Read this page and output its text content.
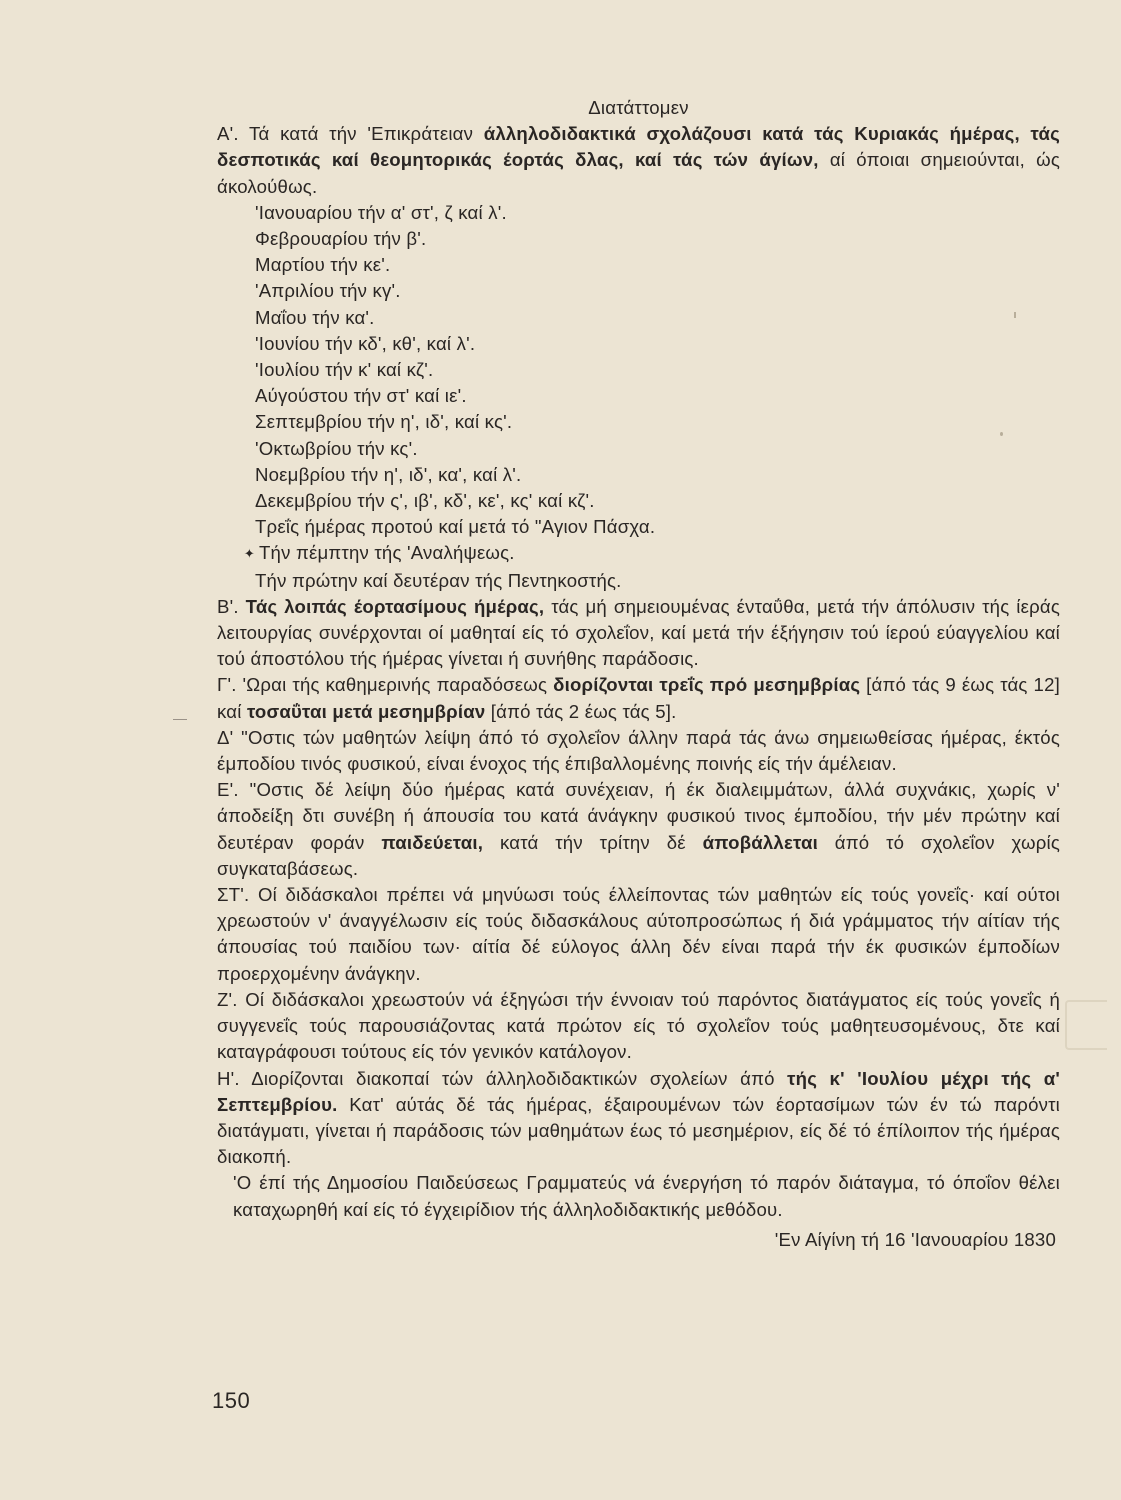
Διατάττομεν

Α'. Τά κατά τήν 'Επικράτειαν άλληλοδιδακτικά σχολάζουσι κατά τάς Κυριακάς ήμέρας, τάς δεσποτικάς καί θεομητορικάς έορτάς δλας, καί τάς τών άγίων, αί όποιαι σημειούνται, ώς άκολούθως.

'Ιανουαρίου τήν α' στ', ζ καί λ'.

Φεβρουαρίου τήν β'.

Μαρτίου τήν κε'.

'Απριλίου τήν κγ'.

Μαΐου τήν κα'.

'Ιουνίου τήν κδ', κθ', καί λ'.

'Ιουλίου τήν κ' καί κζ'.

Αύγούστου τήν στ' καί ιε'.

Σεπτεμβρίου τήν η', ιδ', καί κς'.

'Οκτωβρίου τήν κς'.

Νοεμβρίου τήν η', ιδ', κα', καί λ'.

Δεκεμβρίου τήν ς', ιβ', κδ', κε', κς' καί κζ'.

Τρεΐς ήμέρας προτού καί μετά τό "Αγιον Πάσχα.

✦ Τήν πέμπτην τής 'Αναλήψεως.

Τήν πρώτην καί δευτέραν τής Πεντηκοστής.

Β'. Τάς λοιπάς έορτασίμους ήμέρας, τάς μή σημειουμένας ένταΰθα, μετά τήν άπόλυσιν τής ίεράς λειτουργίας συνέρχονται οί μαθηταί είς τό σχολεΐον, καί μετά τήν έξήγησιν τού ίερού εύαγγελίου καί τού άποστόλου τής ήμέρας γίνεται ή συνήθης παράδοσις.

Γ'. 'Ωραι τής καθημερινής παραδόσεως διορίζονται τρεΐς πρό μεσημβρίας [άπό τάς 9 έως τάς 12] καί τοσαΰται μετά μεσημβρίαν [άπό τάς 2 έως τάς 5].

Δ' "Οστις τών μαθητών λείψη άπό τό σχολεΐον άλλην παρά τάς άνω σημειωθείσας ήμέρας, έκτός έμποδίου τινός φυσικού, είναι ένοχος τής έπιβαλλομένης ποινής είς τήν άμέλειαν.

Ε'. "Οστις δέ λείψη δύο ήμέρας κατά συνέχειαν, ή έκ διαλειμμάτων, άλλά συχνάκις, χωρίς ν' άποδείξη δτι συνέβη ή άπουσία του κατά άνάγκην φυσικού τινος έμποδίου, τήν μέν πρώτην καί δευτέραν φοράν παιδεύεται, κατά τήν τρίτην δέ άποβάλλεται άπό τό σχολεΐον χωρίς συγκαταβάσεως.

ΣΤ'. Οί διδάσκαλοι πρέπει νά μηνύωσι τούς έλλείποντας τών μαθητών είς τούς γονεΐς· καί ούτοι χρεωστούν ν' άναγγέλωσιν είς τούς διδασκάλους αύτοπροσώπως ή διά γράμματος τήν αίτίαν τής άπουσίας τού παιδίου των· αίτία δέ εύλογος άλλη δέν είναι παρά τήν έκ φυσικών έμποδίων προερχομένην άνάγκην.

Ζ'. Οί διδάσκαλοι χρεωστούν νά έξηγώσι τήν έννοιαν τού παρόντος διατάγματος είς τούς γονεΐς ή συγγενεΐς τούς παρουσιάζοντας κατά πρώτον είς τό σχολεΐον τούς μαθητευσομένους, δτε καί καταγράφουσι τούτους είς τόν γενικόν κατάλογον.

Η'. Διορίζονται διακοπαί τών άλληλοδιδακτικών σχολείων άπό τής κ' 'Ιουλίου μέχρι τής α' Σεπτεμβρίου. Κατ' αύτάς δέ τάς ήμέρας, έξαιρουμένων τών έορτασίμων τών έν τώ παρόντι διατάγματι, γίνεται ή παράδοσις τών μαθημάτων έως τό μεσημέριον, είς δέ τό έπίλοιπον τής ήμέρας διακοπή.

'Ο έπί τής Δημοσίου Παιδεύσεως Γραμματεύς νά ένεργήση τό παρόν διάταγμα, τό όποΐον θέλει καταχωρηθή καί είς τό έγχειρίδιον τής άλληλοδιδακτικής μεθόδου.

'Εν Αίγίνη τή 16 'Ιανουαρίου 1830

150
